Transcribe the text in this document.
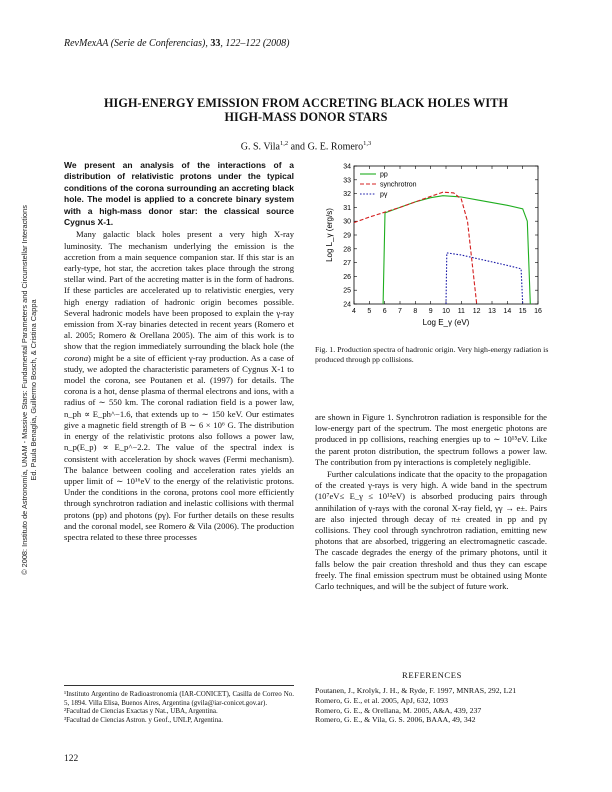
RevMexAA (Serie de Conferencias), 33, 122–122 (2008)
HIGH-ENERGY EMISSION FROM ACCRETING BLACK HOLES WITH
HIGH-MASS DONOR STARS
G. S. Vila$^{1,2}$ and G. E. Romero$^{1,3}$
© 2008: Instituto de Astronomía, UNAM - Massive Stars: Fundamental Parameters and Circumstellar Interactions Ed. Paula Benaglia, Guillermo Bosch, & Cristina Cappa
We present an analysis of the interactions of a distribution of relativistic protons under the typical conditions of the corona surrounding an accreting black hole. The model is applied to a concrete binary system with a high-mass donor star: the classical source Cygnus X-1.
Many galactic black holes present a very high X-ray luminosity. The mechanism underlying the emission is the accretion from a main sequence companion star. If this star is an early-type, hot star, the accretion takes place through the strong stellar wind. Part of the accreting matter is in the form of hadrons. If these particles are accelerated up to relativistic energies, very high energy radiation of hadronic origin becomes possible. Several hadronic models have been proposed to explain the γ-ray emission from X-ray binaries detected in recent years (Romero et al. 2005; Romero & Orellana 2005). The aim of this work is to show that the region immediately surrounding the black hole (the corona) might be a site of efficient γ-ray production. As a case of study, we adopted the characteristic parameters of Cygnus X-1 to model the corona, see Poutanen et al. (1997) for details. The corona is a hot, dense plasma of thermal electrons and ions, with a radius of ∼ 550 km. The coronal radiation field is a power law, n_ph ∝ E_ph^−1.6, that extends up to ∼ 150 keV. Our estimates give a magnetic field strength of B ∼ 6 × 10⁶ G. The distribution in energy of the relativistic protons also follows a power law, n_p(E_p) ∝ E_p^−2.2. The value of the spectral index is consistent with acceleration by shock waves (Fermi mechanism). The balance between cooling and acceleration rates yields an upper limit of ∼ 10¹⁶eV to the energy of the relativistic protons. Under the conditions in the corona, protons cool more efficiently through synchrotron radiation and inelastic collisions with thermal protons (pp) and photons (pγ). For further details on these results and the coronal model, see Romero & Vila (2006). The production spectra related to these three processes
¹Instituto Argentino de Radioastronomía (IAR-CONICET), Casilla de Correo No. 5, 1894. Villa Elisa, Buenos Aires, Argentina (gvila@iar-conicet.gov.ar).
²Facultad de Ciencias Exactas y Nat., UBA, Argentina.
³Facultad de Ciencias Astron. y Geof., UNLP, Argentina.
122
4 5 6 7 8 9 10 11 12 13 14 15 16
24
25
26
27
28
29
30
31
32
33
34
Log E_γ (eV)
Log L_γ (erg/s)
pp
synchrotron
pγ
Fig. 1. Production spectra of hadronic origin. Very high-energy radiation is produced through pp collisions.
are shown in Figure 1. Synchrotron radiation is responsible for the low-energy part of the spectrum. The most energetic photons are produced in pp collisions, reaching energies up to ∼ 10¹⁵eV. Like the parent proton distribution, the spectrum follows a power law. The contribution from pγ interactions is completely negligible.
Further calculations indicate that the opacity to the propagation of the created γ-rays is very high. A wide band in the spectrum (10⁷eV≤ E_γ ≤ 10¹²eV) is absorbed producing pairs through annihilation of γ-rays with the coronal X-ray field, γγ → e±. Pairs are also injected through decay of π± created in pp and pγ collisions. They cool through synchrotron radiation, emitting new photons that are absorbed, triggering an electromagnetic cascade. The cascade degrades the energy of the primary photons, until it falls below the pair creation threshold and thus they can escape freely. The final emission spectrum must be obtained using Monte Carlo techniques, and will be the subject of future work.
REFERENCES
Poutanen, J., Krolyk, J. H., & Ryde, F. 1997, MNRAS, 292, L21
Romero, G. E., et al. 2005, ApJ, 632, 1093
Romero, G. E., & Orellana, M. 2005, A&A, 439, 237
Romero, G. E., & Vila, G. S. 2006, BAAA, 49, 342
